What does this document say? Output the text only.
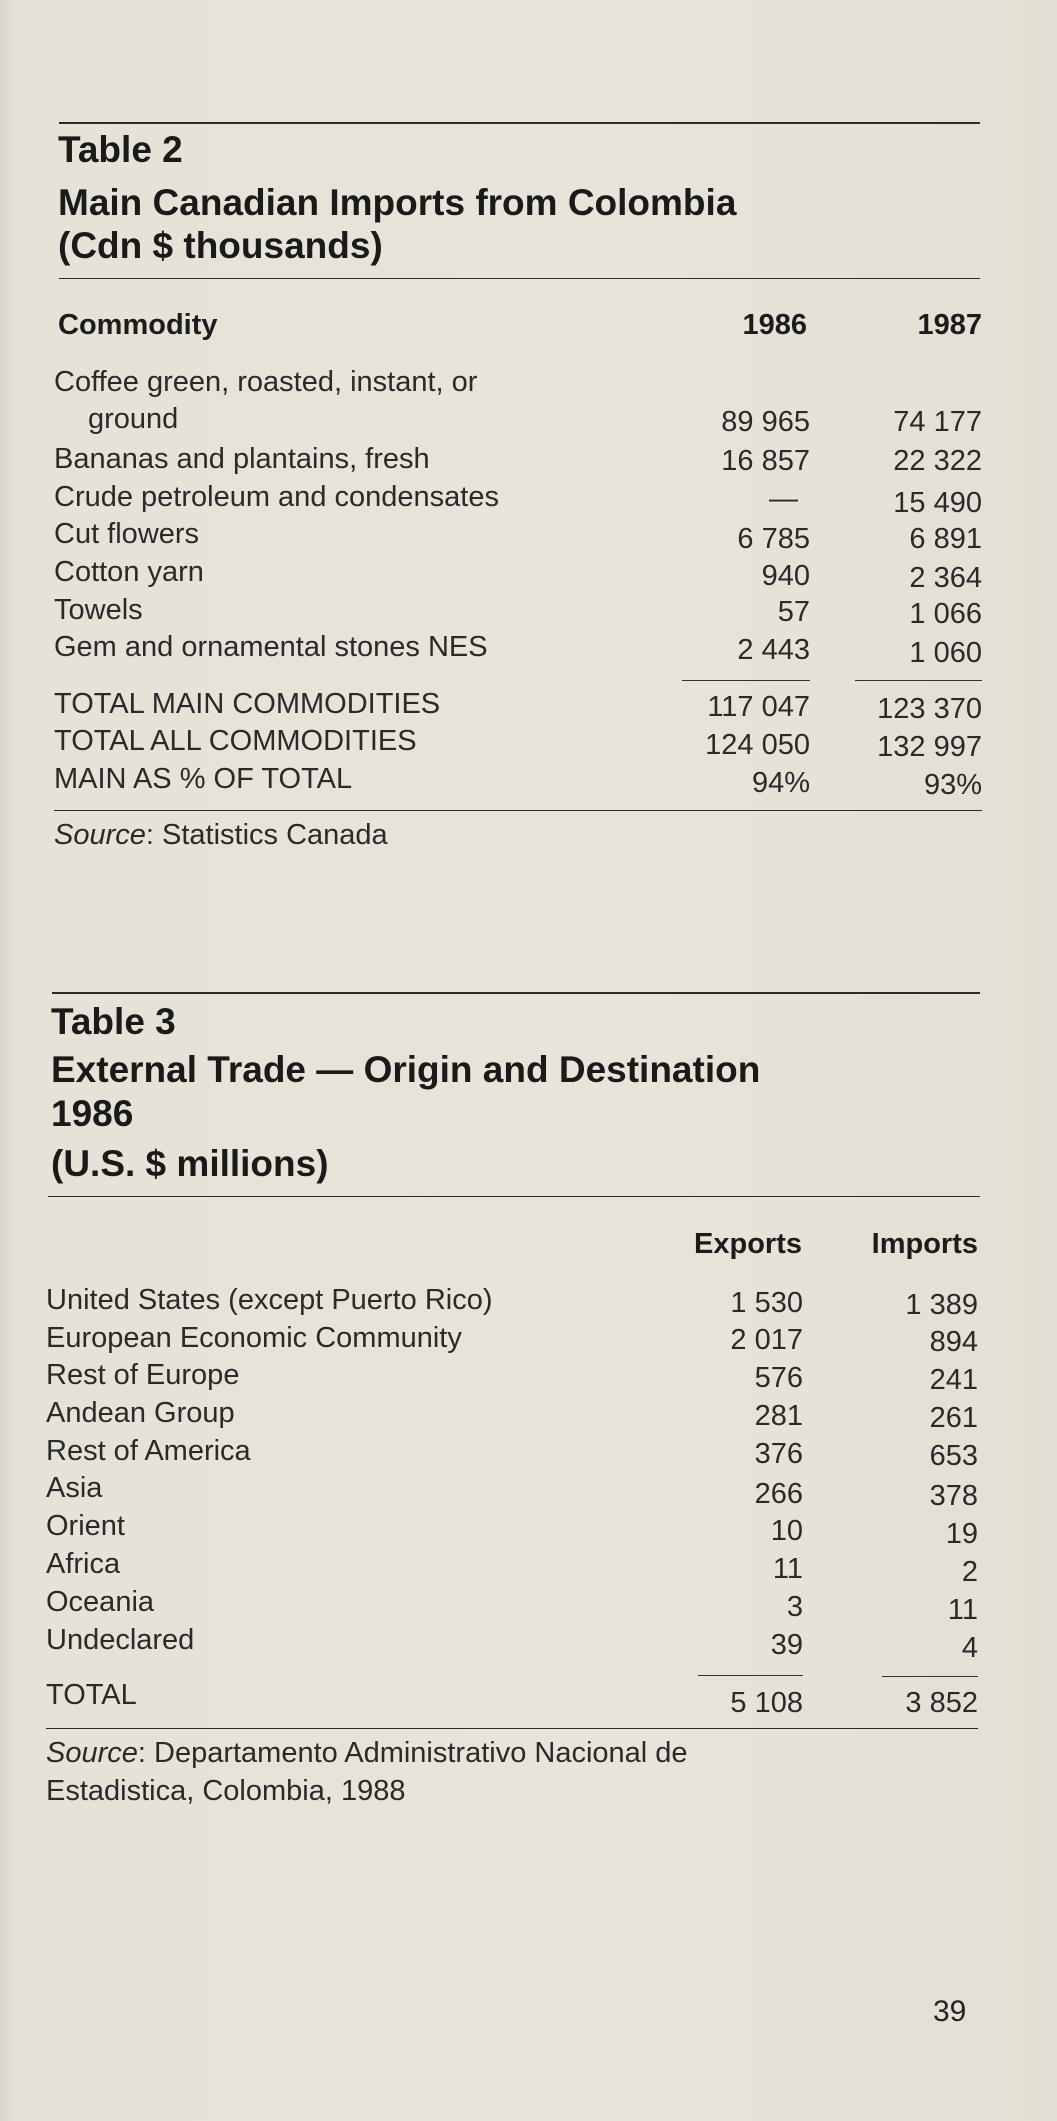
Table 2
Main Canadian Imports from Colombia
(Cdn $ thousands)
Commodity	1986	1987
Coffee green, roasted, instant, or
ground	89 965	74 177
Bananas and plantains, fresh	16 857	22 322
Crude petroleum and condensates	—	15 490
Cut flowers	6 785	6 891
Cotton yarn	940	2 364
Towels	57	1 066
Gem and ornamental stones NES	2 443	1 060
TOTAL MAIN COMMODITIES	117 047	123 370
TOTAL ALL COMMODITIES	124 050	132 997
MAIN AS % OF TOTAL	94%	93%
Source: Statistics Canada
Table 3
External Trade — Origin and Destination
1986
(U.S. $ millions)
Exports	Imports
United States (except Puerto Rico)	1 530	1 389
European Economic Community	2 017	894
Rest of Europe	576	241
Andean Group	281	261
Rest of America	376	653
Asia	266	378
Orient	10	19
Africa	11	2
Oceania	3	11
Undeclared	39	4
TOTAL	5 108	3 852
Source: Departamento Administrativo Nacional de
Estadistica, Colombia, 1988
39
